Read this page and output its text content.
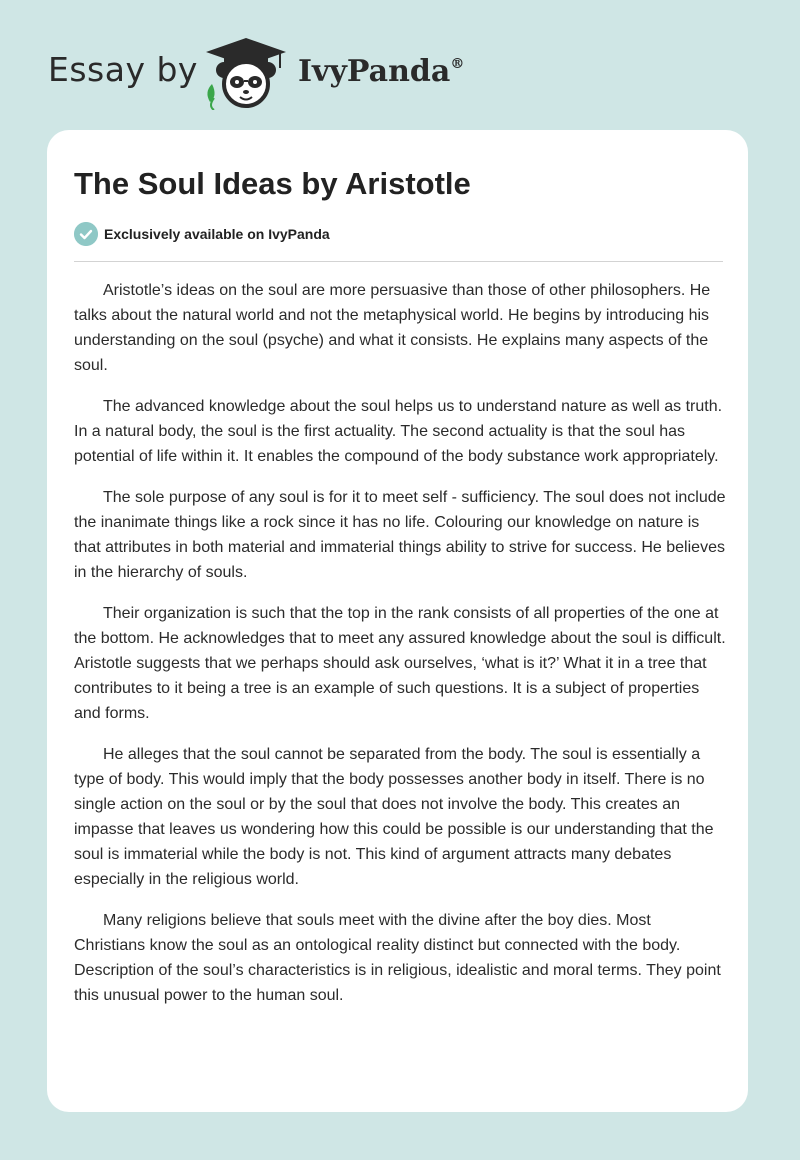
Essay by	IvyPanda®
The Soul Ideas by Aristotle
Exclusively available on IvyPanda

Aristotle’s ideas on the soul are more persuasive than those of other philosophers. He talks about the natural world and not the metaphysical world. He begins by introducing his understanding on the soul (psyche) and what it consists. He explains many aspects of the soul.

The advanced knowledge about the soul helps us to understand nature as well as truth. In a natural body, the soul is the first actuality. The second actuality is that the soul has potential of life within it. It enables the compound of the body substance work appropriately.

The sole purpose of any soul is for it to meet self - sufficiency. The soul does not include the inanimate things like a rock since it has no life. Colouring our knowledge on nature is that attributes in both material and immaterial things ability to strive for success. He believes in the hierarchy of souls.

Their organization is such that the top in the rank consists of all properties of the one at the bottom. He acknowledges that to meet any assured knowledge about the soul is difficult. Aristotle suggests that we perhaps should ask ourselves, ‘what is it?’ What it in a tree that contributes to it being a tree is an example of such questions. It is a subject of properties and forms.

He alleges that the soul cannot be separated from the body. The soul is essentially a type of body. This would imply that the body possesses another body in itself. There is no single action on the soul or by the soul that does not involve the body. This creates an impasse that leaves us wondering how this could be possible is our understanding that the soul is immaterial while the body is not. This kind of argument attracts many debates especially in the religious world.

Many religions believe that souls meet with the divine after the boy dies. Most Christians know the soul as an ontological reality distinct but connected with the body. Description of the soul’s characteristics is in religious, idealistic and moral terms. They point this unusual power to the human soul.
